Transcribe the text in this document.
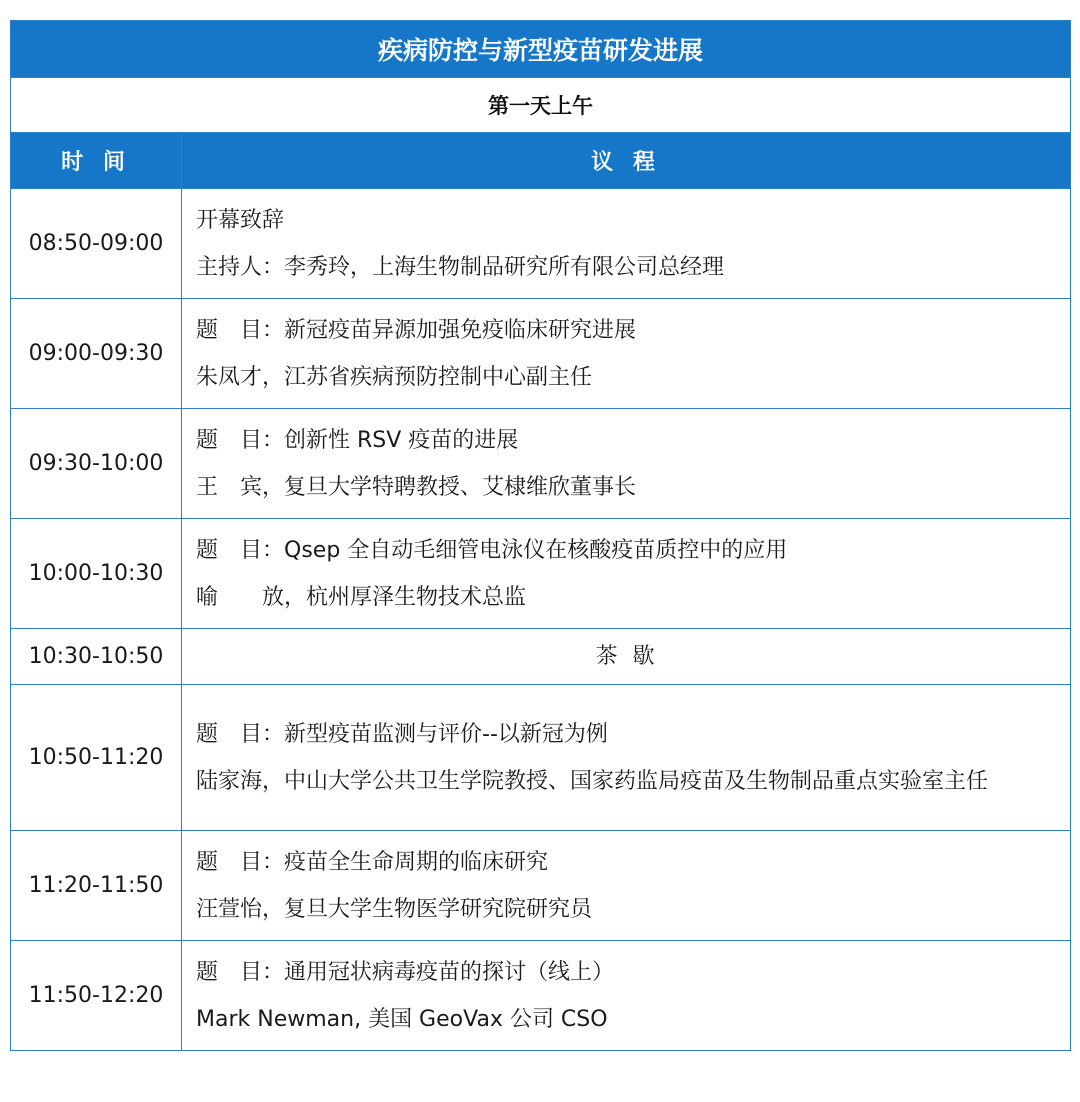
疾病防控与新型疫苗研发进展	
第一天上午	
时 间	议 程
08:50-09:00	开幕致辞
主持人：李秀玲，上海生物制品研究所有限公司总经理

09:00-09:30	题　目：新冠疫苗异源加强免疫临床研究进展
朱凤才，江苏省疾病预防控制中心副主任

09:30-10:00	题　目：创新性 RSV 疫苗的进展
王　宾，复旦大学特聘教授、艾棣维欣董事长

10:00-10:30	题　目：Qsep 全自动毛细管电泳仪在核酸疫苗质控中的应用
喻　　放，杭州厚泽生物技术总监

10:30-10:50	茶 歇
10:50-11:20	题　目：新型疫苗监测与评价--以新冠为例
陆家海，中山大学公共卫生学院教授、国家药监局疫苗及生物制品重点实验室主任

11:20-11:50	题　目：疫苗全生命周期的临床研究
汪萱怡，复旦大学生物医学研究院研究员

11:50-12:20	题　目：通用冠状病毒疫苗的探讨（线上）
Mark Newman, 美国 GeoVax 公司 CSO
